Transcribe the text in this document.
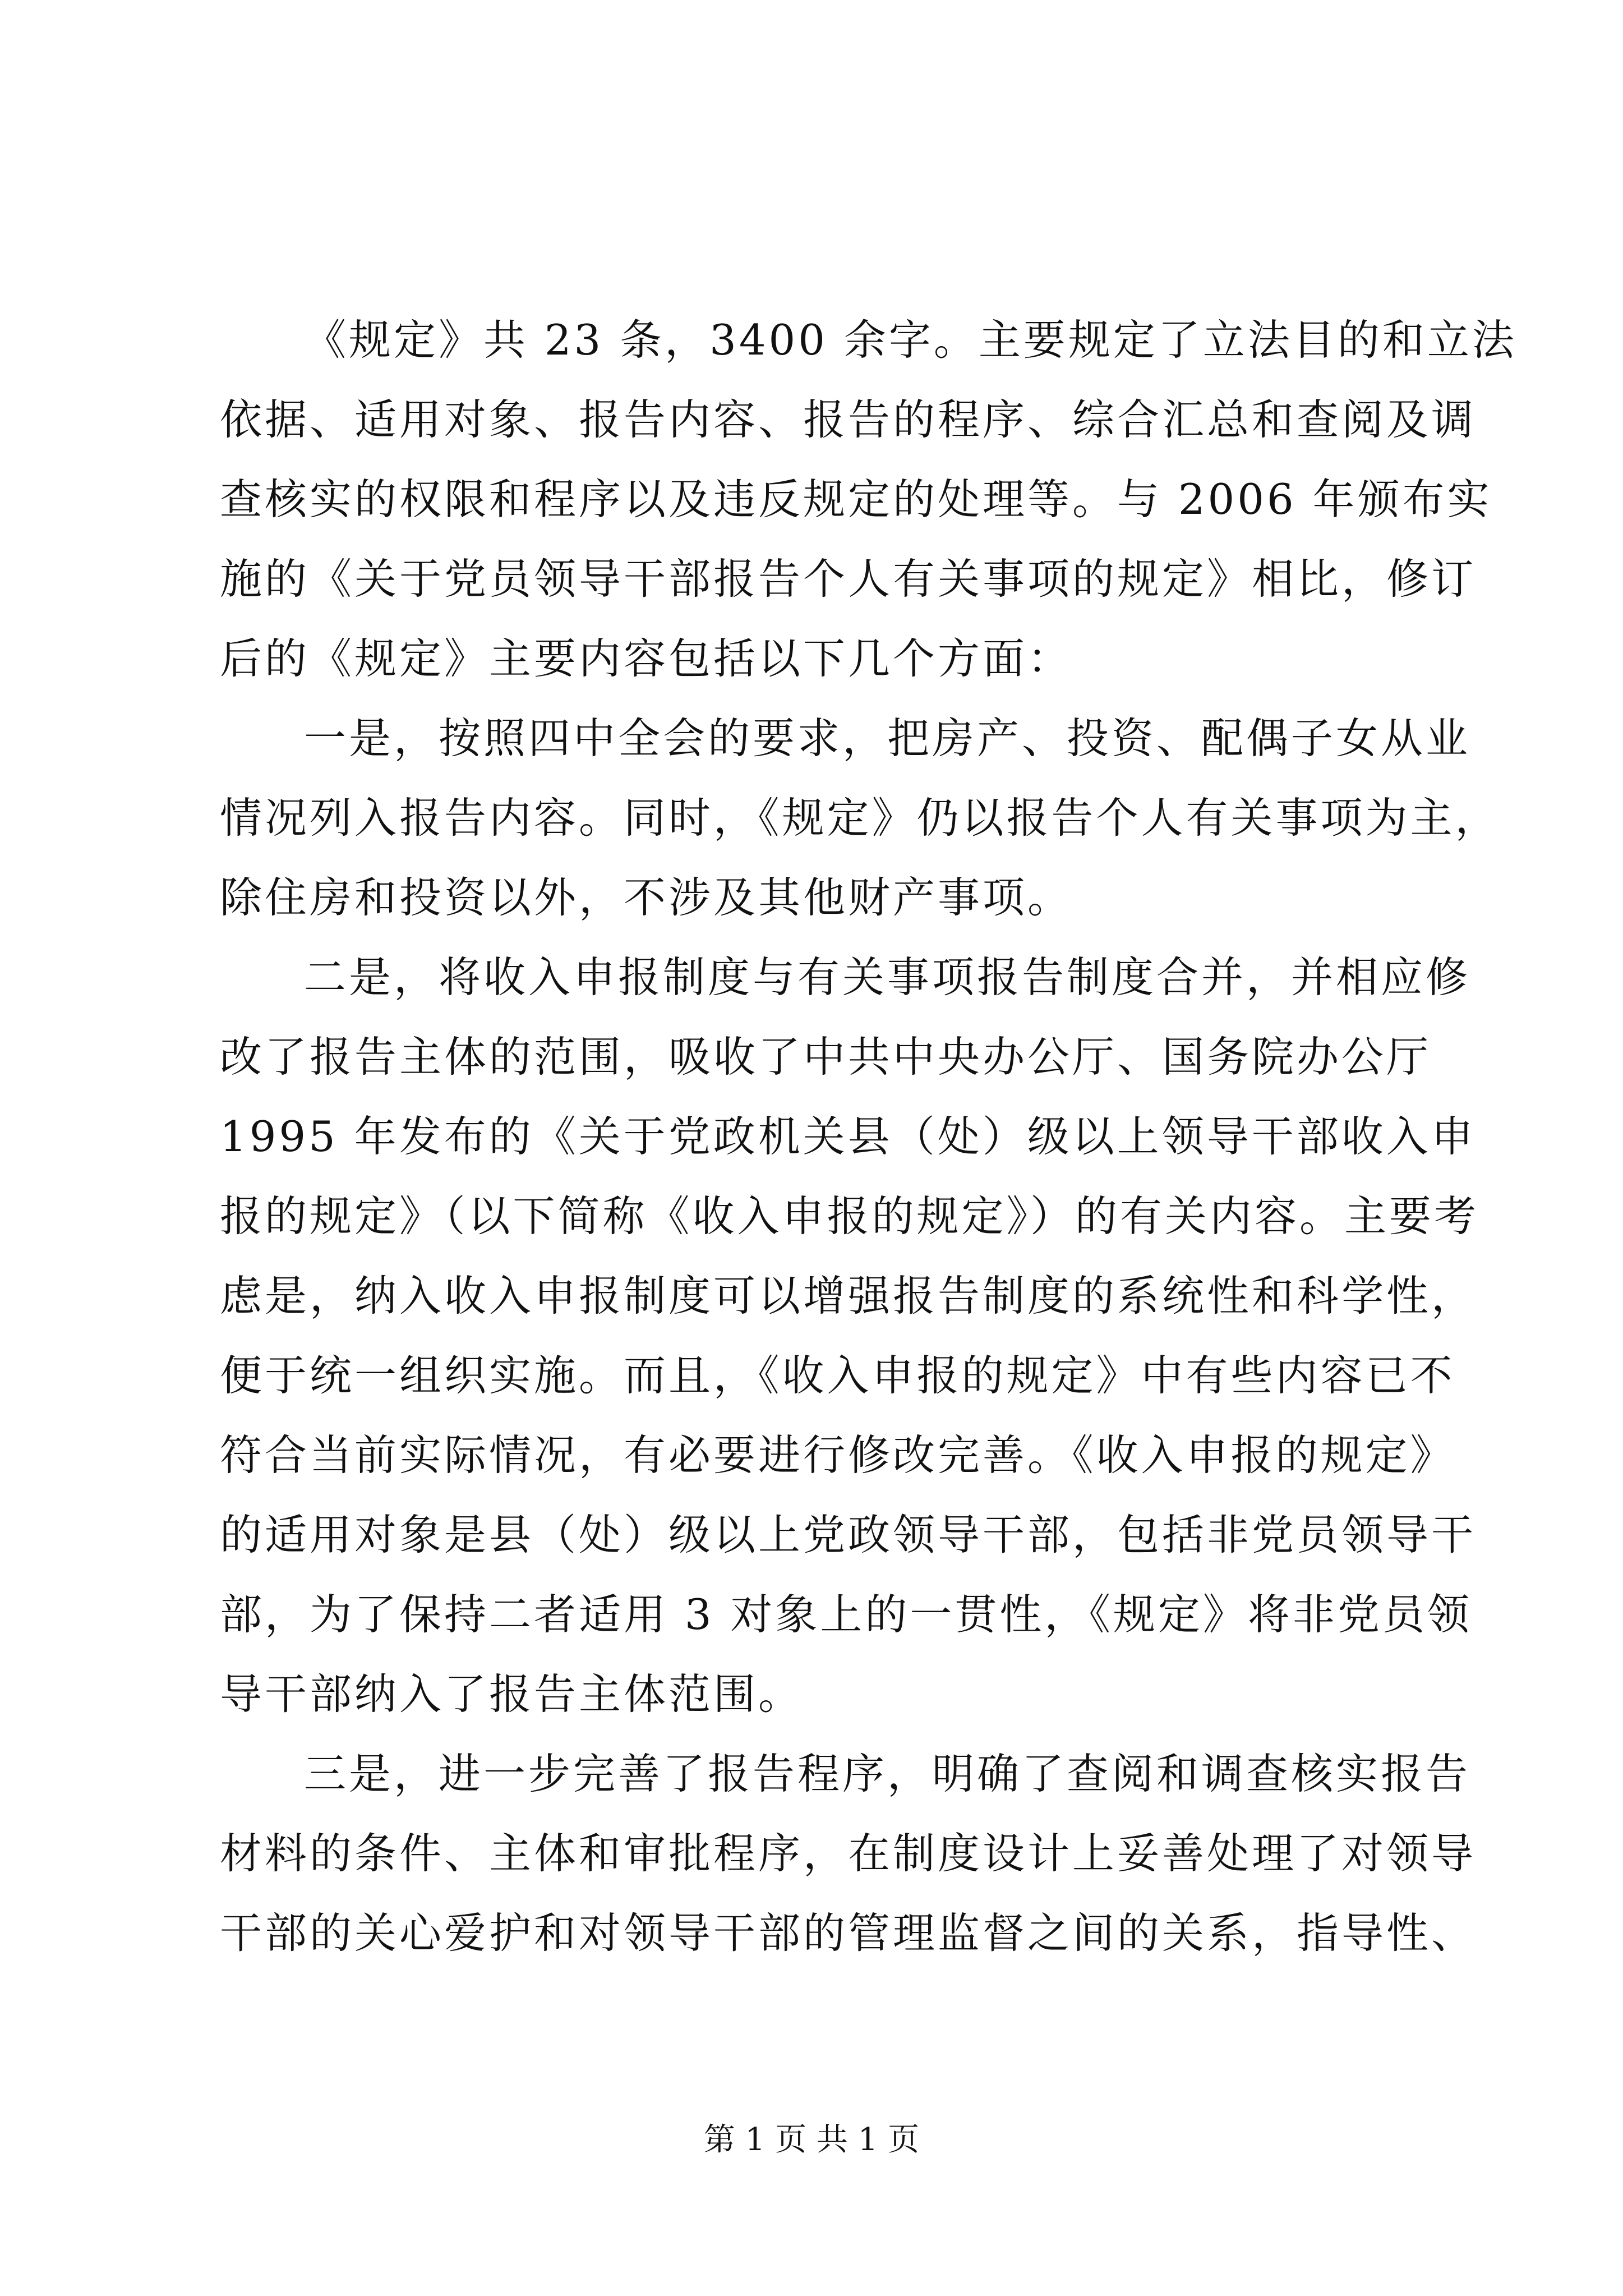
《规定》共 23 条，3400 余字。主要规定了立法目的和立法
依据、适用对象、报告内容、报告的程序、综合汇总和查阅及调
查核实的权限和程序以及违反规定的处理等。与 2006 年颁布实
施的《关于党员领导干部报告个人有关事项的规定》相比，修订
后的《规定》主要内容包括以下几个方面：
一是，按照四中全会的要求，把房产、投资、配偶子女从业
情况列入报告内容。同时，《规定》仍以报告个人有关事项为主，
除住房和投资以外，不涉及其他财产事项。
二是，将收入申报制度与有关事项报告制度合并，并相应修
改了报告主体的范围，吸收了中共中央办公厅、国务院办公厅
1995 年发布的《关于党政机关县（处）级以上领导干部收入申
报的规定》（以下简称《收入申报的规定》）的有关内容。主要考
虑是，纳入收入申报制度可以增强报告制度的系统性和科学性，
便于统一组织实施。而且，《收入申报的规定》中有些内容已不
符合当前实际情况，有必要进行修改完善。《收入申报的规定》
的适用对象是县（处）级以上党政领导干部，包括非党员领导干
部，为了保持二者适用 3 对象上的一贯性，《规定》将非党员领
导干部纳入了报告主体范围。
三是，进一步完善了报告程序，明确了查阅和调查核实报告
材料的条件、主体和审批程序，在制度设计上妥善处理了对领导
干部的关心爱护和对领导干部的管理监督之间的关系，指导性、
第 1 页 共 1 页
